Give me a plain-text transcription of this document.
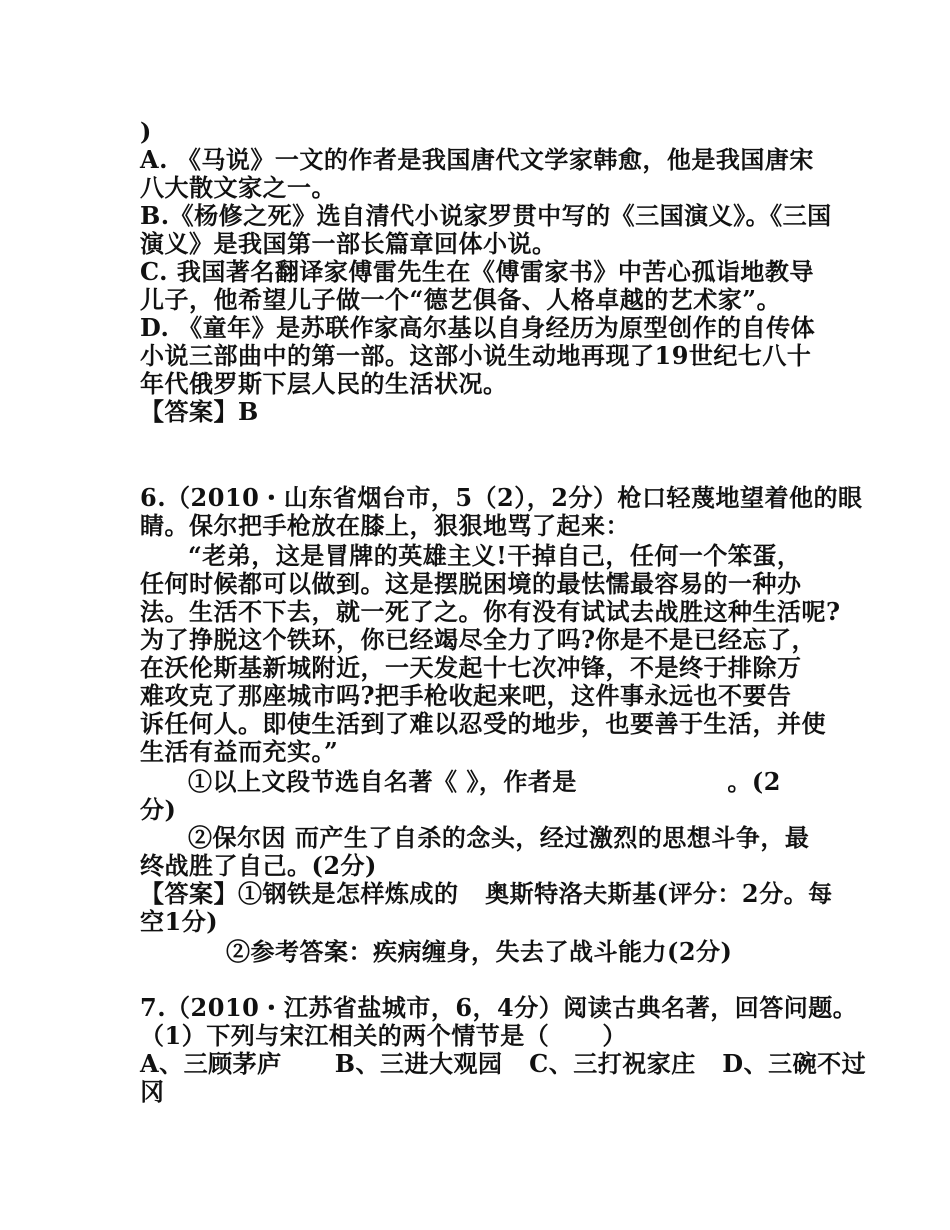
)
A. 《马说》一文的作者是我国唐代文学家韩愈，他是我国唐宋
八大散文家之一。
B.《杨修之死》选自清代小说家罗贯中写的《三国演义》。《三国
演义》是我国第一部长篇章回体小说。
C. 我国著名翻译家傅雷先生在《傅雷家书》中苦心孤诣地教导
儿子，他希望儿子做一个“德艺俱备、人格卓越的艺术家”。
D. 《童年》是苏联作家高尔基以自身经历为原型创作的自传体
小说三部曲中的第一部。这部小说生动地再现了19世纪七八十
年代俄罗斯下层人民的生活状况。
【答案】B
6.（2010・山东省烟台市，5（2），2分）枪口轻蔑地望着他的眼
睛。保尔把手枪放在膝上，狠狠地骂了起来：
“老弟，这是冒牌的英雄主义!干掉自己，任何一个笨蛋，
任何时候都可以做到。这是摆脱困境的最怯懦最容易的一种办
法。生活不下去，就一死了之。你有没有试试去战胜这种生活呢?
为了挣脱这个铁环，你已经竭尽全力了吗?你是不是已经忘了，
在沃伦斯基新城附近，一天发起十七次冲锋，不是终于排除万
难攻克了那座城市吗?把手枪收起来吧，这件事永远也不要告
诉任何人。即使生活到了难以忍受的地步，也要善于生活，并使
生活有益而充实。”
①以上文段节选自名著《 》，作者是                 。(2
分)
②保尔因 而产生了自杀的念头，经过激烈的思想斗争，最
终战胜了自己。(2分)
【答案】①钢铁是怎样炼成的   奥斯特洛夫斯基(评分：2分。每
空1分)
②参考答案：疾病缠身，失去了战斗能力(2分)
7.（2010・江苏省盐城市，6，4分）阅读古典名著，回答问题。
（1）下列与宋江相关的两个情节是（      ）
A、三顾茅庐      B、三进大观园   C、三打祝家庄   D、三碗不过
冈
